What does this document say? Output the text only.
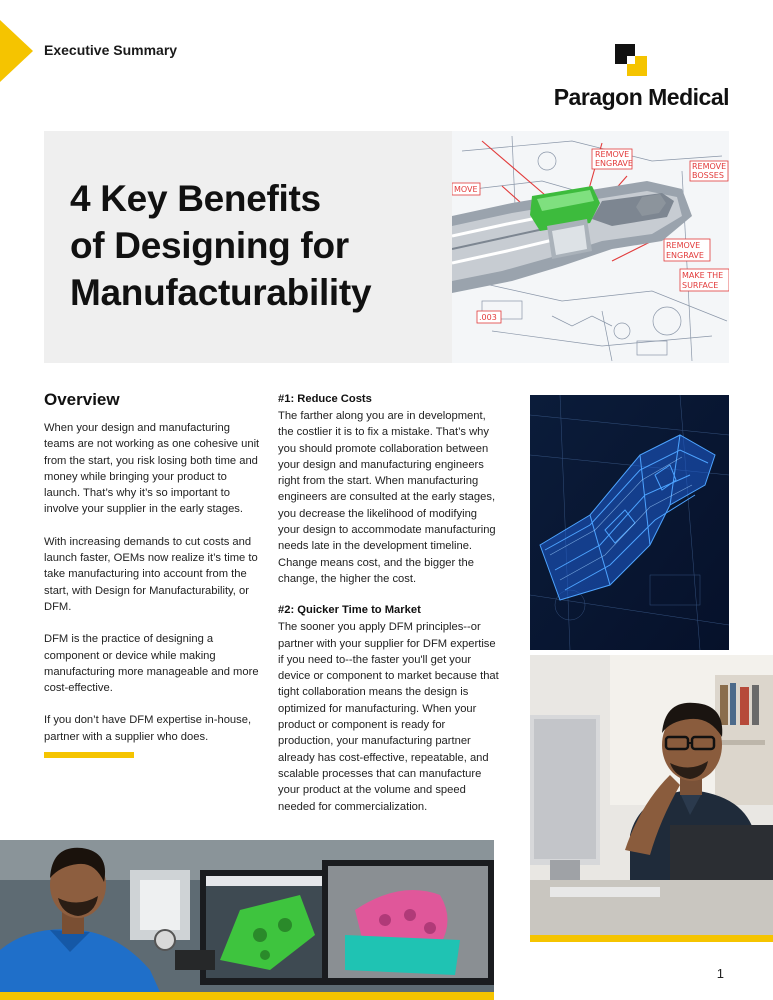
Executive Summary
Paragon Medical
4 Key Benefits
of Designing for
Manufacturability
REMOVE
ENGRAVE	REMOVE
BOSSES
REMOVE
ENGRAVE
MAKE THE
SURFACE
MOVE
.003
Overview

When your design and manufacturing teams are not working as one cohesive unit from the start, you risk losing both time and money while bringing your product to launch. That’s why it’s so important to involve your supplier in the early stages.

With increasing demands to cut costs and launch faster, OEMs now realize it’s time to take manufacturing into account from the start, with Design for Manufacturability, or DFM.

DFM is the practice of designing a component or device while making manufacturing more manageable and more cost-effective.

If you don’t have DFM expertise in-house, partner with a supplier who does.

#1: Reduce Costs

The farther along you are in development, the costlier it is to fix a mistake. That’s why you should promote collaboration between your design and manufacturing engineers right from the start. When manufacturing engineers are consulted at the early stages, you decrease the likelihood of modifying your design to accommodate manufacturing needs late in the development timeline. Change means cost, and the bigger the change, the higher the cost.

#2: Quicker Time to Market

The sooner you apply DFM principles--or partner with your supplier for DFM expertise if you need to--the faster you'll get your device or component to market because that tight collaboration means the design is optimized for manufacturing. When your product or component is ready for production, your manufacturing partner already has cost-effective, repeatable, and scalable processes that can manufacture your product at the volume and speed needed for commercialization.

1
